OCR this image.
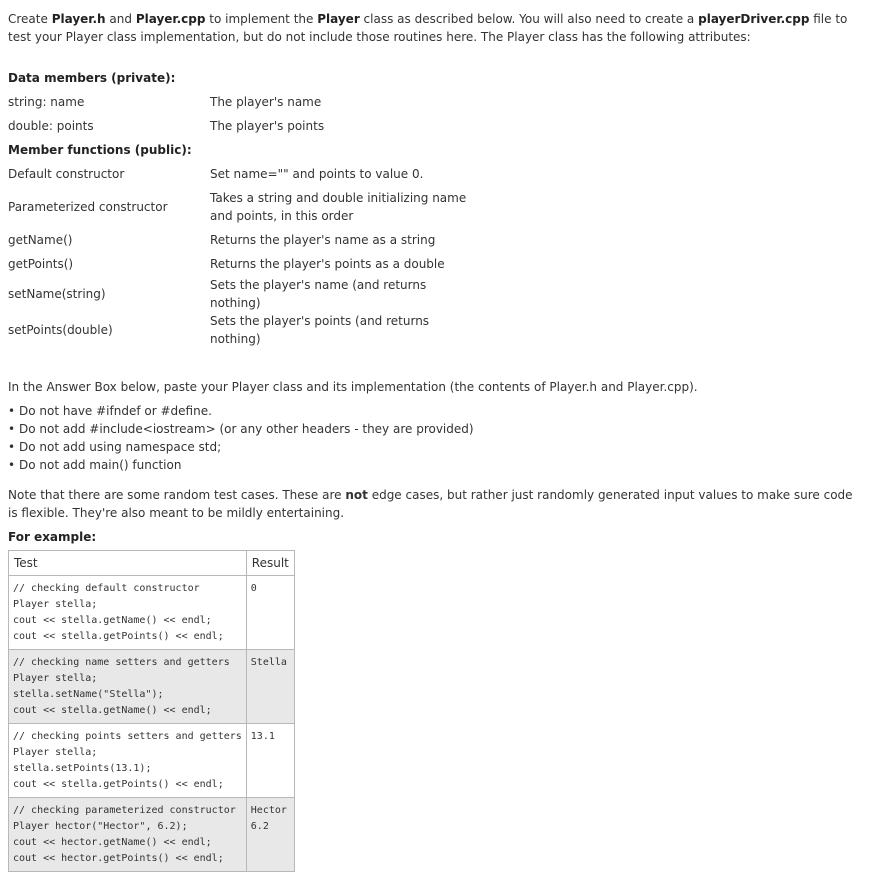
Create Player.h and Player.cpp to implement the Player class as described below. You will also need to create a playerDriver.cpp file to test your Player class implementation, but do not include those routines here. The Player class has the following attributes:

Data members (private):	
string: name	The player's name
double: points	The player's points
Member functions (public):	
Default constructor	Set name="" and points to value 0.
Parameterized constructor	Takes a string and double initializing name and points, in this order
getName()	Returns the player's name as a string
getPoints()	Returns the player's points as a double
setName(string)	Sets the player's name (and returns nothing)
setPoints(double)	Sets the player's points (and returns nothing)

In the Answer Box below, paste your Player class and its implementation (the contents of Player.h and Player.cpp).

• Do not have #ifndef or #define.
• Do not add #include<iostream> (or any other headers - they are provided)
• Do not add using namespace std;
• Do not add main() function

Note that there are some random test cases. These are not edge cases, but rather just randomly generated input values to make sure code is flexible. They're also meant to be mildly entertaining.

For example:

Test	Result

// checking default constructor
Player stella;
cout << stella.getName() << endl;
cout << stella.getPoints() << endl;	0

// checking name setters and getters
Player stella;
stella.setName("Stella");
cout << stella.getName() << endl;	Stella

// checking points setters and getters
Player stella;
stella.setPoints(13.1);
cout << stella.getPoints() << endl;	13.1

// checking parameterized constructor
Player hector("Hector", 6.2);
cout << hector.getName() << endl;
cout << hector.getPoints() << endl;	Hector
6.2
